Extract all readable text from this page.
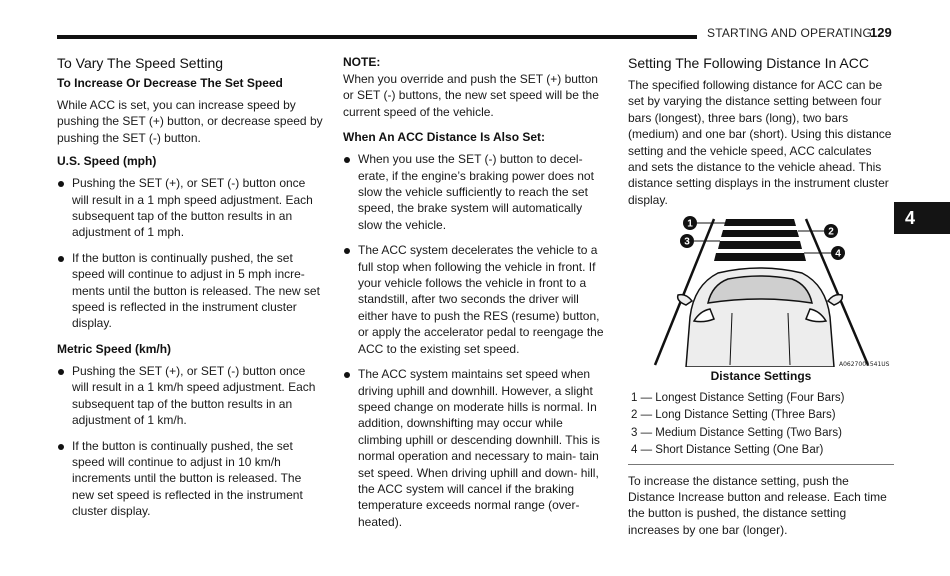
STARTING AND OPERATING
129
4
To Vary The Speed Setting
To Increase Or Decrease The Set Speed

While ACC is set, you can increase speed by pushing the SET (+) button, or decrease speed by pushing the SET (-) button.

U.S. Speed (mph)
Pushing the SET (+), or SET (-) button once will result in a 1 mph speed adjustment. Each subsequent tap of the button results in an adjustment of 1 mph.
If the button is continually pushed, the set speed will continue to adjust in 5 mph incre- ments until the button is released. The new set speed is reflected in the instrument cluster display.
Metric Speed (km/h)
Pushing the SET (+), or SET (-) button once will result in a 1 km/h speed adjustment. Each subsequent tap of the button results in an adjustment of 1 km/h.
If the button is continually pushed, the set speed will continue to adjust in 10 km/h increments until the button is released. The new set speed is reflected in the instrument cluster display.
NOTE:

When you override and push the SET (+) button or SET (-) buttons, the new set speed will be the current speed of the vehicle.

When An ACC Distance Is Also Set:
When you use the SET (-) button to decel- erate, if the engine’s braking power does not slow the vehicle sufficiently to reach the set speed, the brake system will automatically slow the vehicle.
The ACC system decelerates the vehicle to a full stop when following the vehicle in front. If your vehicle follows the vehicle in front to a standstill, after two seconds the driver will either have to push the RES (resume) button, or apply the accelerator pedal to reengage the ACC to the existing set speed.
The ACC system maintains set speed when driving uphill and downhill. However, a slight speed change on moderate hills is normal. In addition, downshifting may occur while climbing uphill or descending downhill. This is normal operation and necessary to main- tain set speed. When driving uphill and down- hill, the ACC system will cancel if the braking temperature exceeds normal range (over- heated).
Setting The Following Distance In ACC

The specified following distance for ACC can be set by varying the distance setting between four bars (longest), three bars (long), two bars (medium) and one bar (short). Using this distance setting and the vehicle speed, ACC calculates and sets the distance to the vehicle ahead. This distance setting displays in the instrument cluster display.

1
2
3
4
A0627001541US
Distance Settings
1 — Longest Distance Setting (Four Bars)
2 — Long Distance Setting (Three Bars)
3 — Medium Distance Setting (Two Bars)
4 — Short Distance Setting (One Bar)

To increase the distance setting, push the Distance Increase button and release. Each time the button is pushed, the distance setting increases by one bar (longer).
